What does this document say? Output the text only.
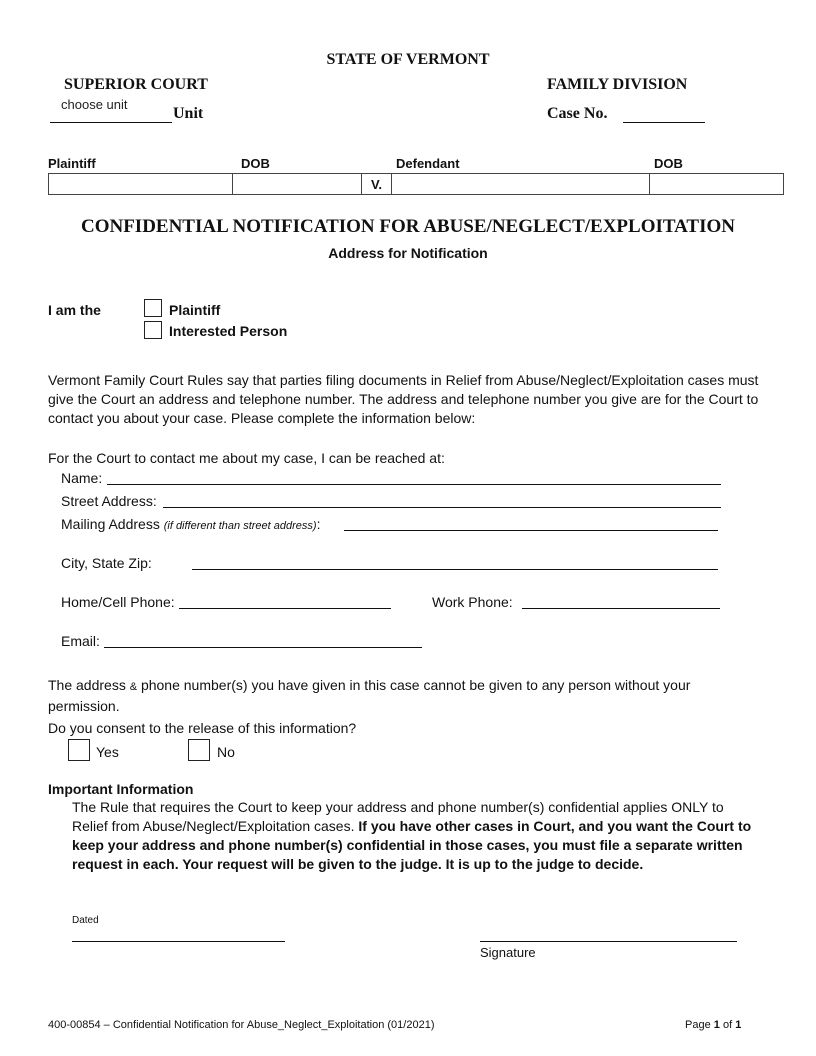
STATE OF VERMONT
SUPERIOR COURT	FAMILY DIVISION
choose unit
Unit	Case No.
Plaintiff	DOB	Defendant	DOB
		V.		
CONFIDENTIAL NOTIFICATION FOR ABUSE/NEGLECT/EXPLOITATION
Address for Notification
I am the	Plaintiff
Interested Person
Vermont Family Court Rules say that parties filing documents in Relief from Abuse/Neglect/Exploitation cases must give the Court an address and telephone number. The address and telephone number you give are for the Court to contact you about your case. Please complete the information below:
For the Court to contact me about my case, I can be reached at:
Name:
Street Address:
Mailing Address (if different than street address):
City, State Zip:
Home/Cell Phone:	Work Phone:
Email:
The address & phone number(s) you have given in this case cannot be given to any person without your permission.
Do you consent to the release of this information?
Yes	No
Important Information
The Rule that requires the Court to keep your address and phone number(s) confidential applies ONLY to Relief from Abuse/Neglect/Exploitation cases. If you have other cases in Court, and you want the Court to keep your address and phone number(s) confidential in those cases, you must file a separate written request in each. Your request will be given to the judge. It is up to the judge to decide.
Dated
Signature
400-00854 – Confidential Notification for Abuse_Neglect_Exploitation (01/2021)	Page 1 of 1
